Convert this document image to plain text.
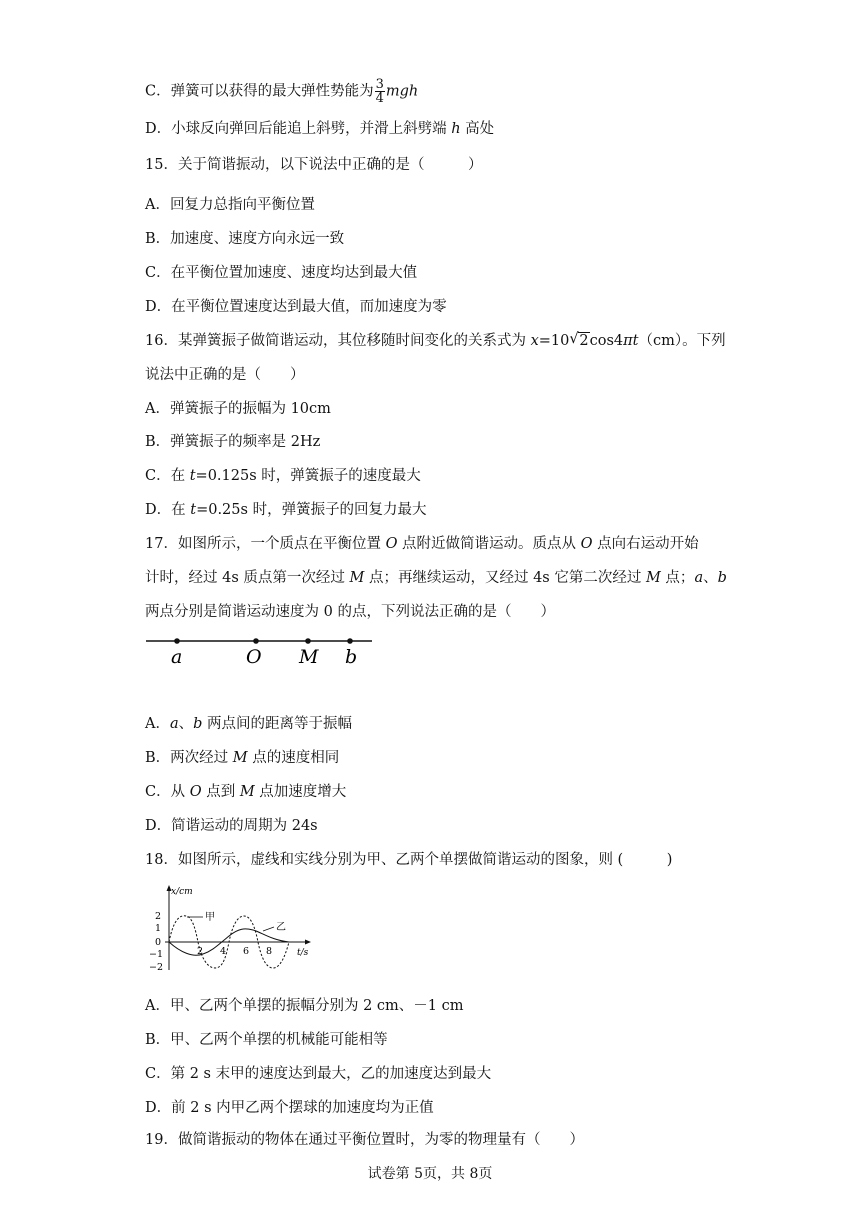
C．弹簧可以获得的最大弹性势能为 $\frac{3}{4}$ mgh
D．小球反向弹回后能追上斜劈，并滑上斜劈端 h 高处
15．关于简谐振动，以下说法中正确的是（　　　）
A．回复力总指向平衡位置
B．加速度、速度方向永远一致
C．在平衡位置加速度、速度均达到最大值
D．在平衡位置速度达到最大值，而加速度为零
16．某弹簧振子做简谐运动，其位移随时间变化的关系式为 x=10 √ 2cos4πt（cm）。下列
说法中正确的是（　　）
A．弹簧振子的振幅为 10cm
B．弹簧振子的频率是 2Hz
C．在 t=0.125s 时，弹簧振子的速度最大
D．在 t=0.25s 时，弹簧振子的回复力最大
17．如图所示，一个质点在平衡位置 O 点附近做简谐运动。质点从 O 点向右运动开始
计时，经过 4s 质点第一次经过 M 点；再继续运动，又经过 4s 它第二次经过 M 点；a、b
两点分别是简谐运动速度为 0 的点，下列说法正确的是（　　）
a	O M b
A．a、b 两点间的距离等于振幅
B．两次经过 M 点的速度相同
C．从 O 点到 M 点加速度增大
D．简谐运动的周期为 24s
18．如图所示，虚线和实线分别为甲、乙两个单摆做简谐运动的图象，则 (　　　)
x/cm
t/s
2
1
0
−1
−2
2 4 6 8
甲
乙
A．甲、乙两个单摆的振幅分别为 2 cm、－1 cm
B．甲、乙两个单摆的机械能可能相等
C．第 2 s 末甲的速度达到最大，乙的加速度达到最大
D．前 2 s 内甲乙两个摆球的加速度均为正值
19．做简谐振动的物体在通过平衡位置时，为零的物理量有（　　）
试卷第 5页，共 8页
